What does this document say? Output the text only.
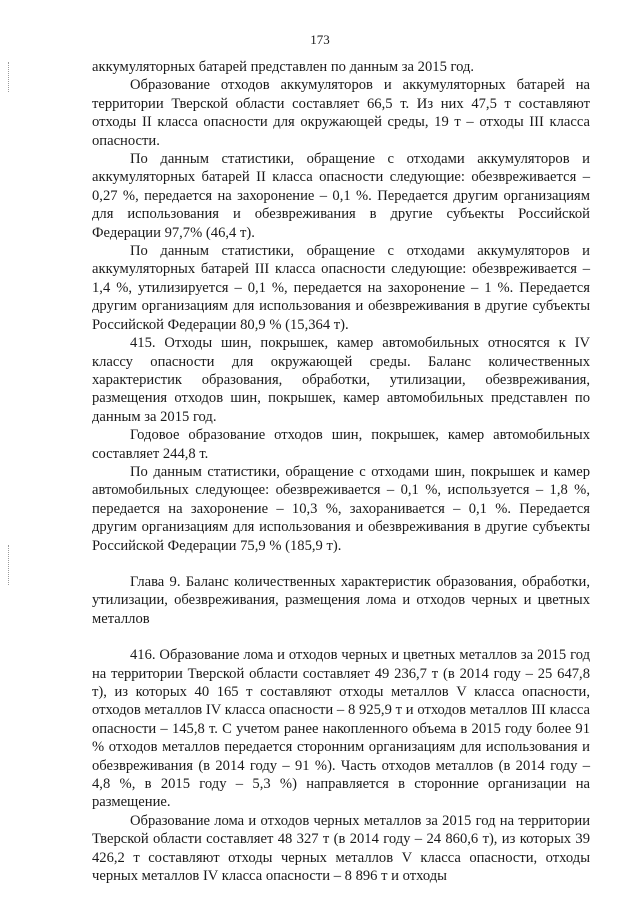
173

аккумуляторных батарей представлен по данным за 2015 год.

Образование отходов аккумуляторов и аккумуляторных батарей на территории Тверской области составляет 66,5 т. Из них 47,5 т составляют отходы II класса опасности для окружающей среды, 19 т – отходы III класса опасности.

По данным статистики, обращение с отходами аккумуляторов и аккумуляторных батарей II класса опасности следующие: обезвреживается – 0,27 %, передается на захоронение – 0,1 %. Передается другим организациям для использования и обезвреживания в другие субъекты Российской Федерации 97,7% (46,4 т).

По данным статистики, обращение с отходами аккумуляторов и аккумуляторных батарей III класса опасности следующие: обезвреживается – 1,4 %, утилизируется – 0,1 %, передается на захоронение – 1 %. Передается другим организациям для использования и обезвреживания в другие субъекты Российской Федерации 80,9 % (15,364 т).

415. Отходы шин, покрышек, камер автомобильных относятся к IV классу опасности для окружающей среды. Баланс количественных характеристик образования, обработки, утилизации, обезвреживания, размещения отходов шин, покрышек, камер автомобильных представлен по данным за 2015 год.

Годовое образование отходов шин, покрышек, камер автомобильных составляет 244,8 т.

По данным статистики, обращение с отходами шин, покрышек и камер автомобильных следующее: обезвреживается – 0,1 %, используется – 1,8 %, передается на захоронение – 10,3 %, захоранивается – 0,1 %. Передается другим организациям для использования и обезвреживания в другие субъекты Российской Федерации 75,9 % (185,9 т).

Глава 9. Баланс количественных характеристик образования, обработки, утилизации, обезвреживания, размещения лома и отходов черных и цветных металлов

416. Образование лома и отходов черных и цветных металлов за 2015 год на территории Тверской области составляет 49 236,7 т (в 2014 году – 25 647,8 т), из которых 40 165 т составляют отходы металлов V класса опасности, отходов металлов IV класса опасности – 8 925,9 т и отходов металлов III класса опасности – 145,8 т. С учетом ранее накопленного объема в 2015 году более 91 % отходов металлов передается сторонним организациям для использования и обезвреживания (в 2014 году – 91 %). Часть отходов металлов (в 2014 году – 4,8 %, в 2015 году – 5,3 %) направляется в сторонние организации на размещение.

Образование лома и отходов черных металлов за 2015 год на территории Тверской области составляет 48 327 т (в 2014 году – 24 860,6 т), из которых 39 426,2 т составляют отходы черных металлов V класса опасности, отходы черных металлов IV класса опасности – 8 896 т и отходы
